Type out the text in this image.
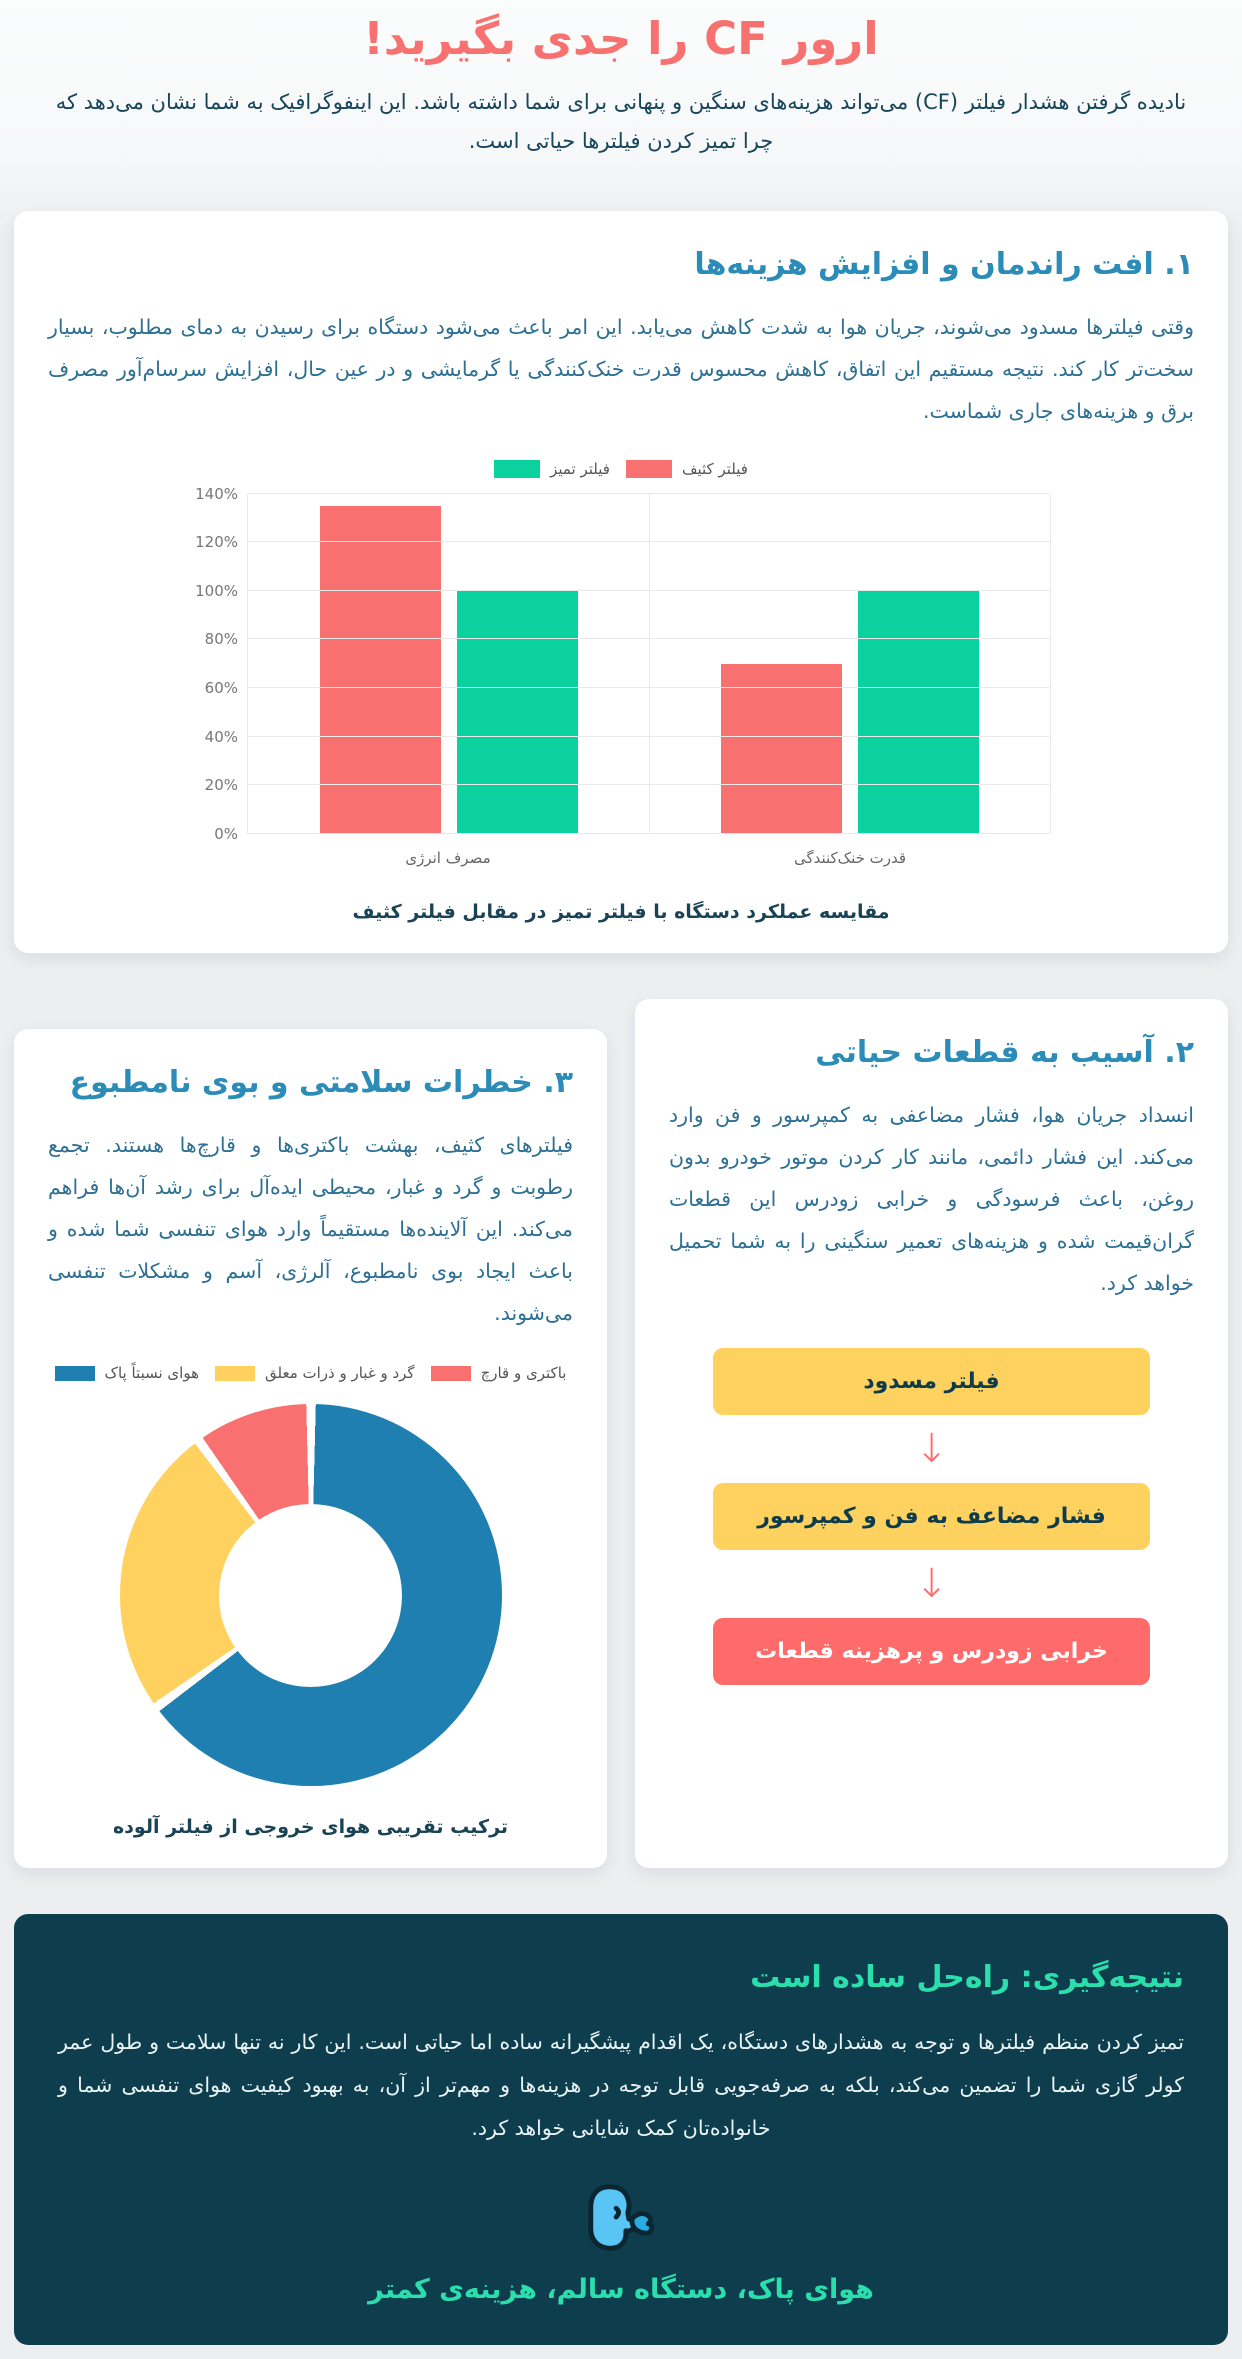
ارور CF را جدی بگیرید!

نادیده گرفتن هشدار فیلتر (CF) می‌تواند هزینه‌های سنگین و پنهانی برای شما داشته باشد. این اینفوگرافیک به شما نشان می‌دهد که چرا تمیز کردن فیلترها حیاتی است.

۱. افت راندمان و افزایش هزینه‌ها

وقتی فیلترها مسدود می‌شوند، جریان هوا به شدت کاهش می‌یابد. این امر باعث می‌شود دستگاه برای رسیدن به دمای مطلوب، بسیار سخت‌تر کار کند. نتیجه مستقیم این اتفاق، کاهش محسوس قدرت خنک‌کنندگی یا گرمایشی و در عین حال، افزایش سرسام‌آور مصرف برق و هزینه‌های جاری شماست.

فیلتر تمیز	فیلتر کثیف
0%
20%
40%
60%
80%
100%
120%
140%
قدرت خنک‌کنندگی
مصرف انرژی
مقایسه عملکرد دستگاه با فیلتر تمیز در مقابل فیلتر کثیف
۲. آسیب به قطعات حیاتی

انسداد جریان هوا، فشار مضاعفی به کمپرسور و فن وارد می‌کند. این فشار دائمی، مانند کار کردن موتور خودرو بدون روغن، باعث فرسودگی و خرابی زودرس این قطعات گران‌قیمت شده و هزینه‌های تعمیر سنگینی را به شما تحمیل خواهد کرد.

فیلتر مسدود
↓
فشار مضاعف به فن و کمپرسور
↓
خرابی زودرس و پرهزینه قطعات
۳. خطرات سلامتی و بوی نامطبوع

فیلترهای کثیف، بهشت باکتری‌ها و قارچ‌ها هستند. تجمع رطوبت و گرد و غبار، محیطی ایده‌آل برای رشد آن‌ها فراهم می‌کند. این آلاینده‌ها مستقیماً وارد هوای تنفسی شما شده و باعث ایجاد بوی نامطبوع، آلرژی، آسم و مشکلات تنفسی می‌شوند.

هوای نسبتاً پاک	گرد و غبار و ذرات معلق	باکتری و قارچ
ترکیب تقریبی هوای خروجی از فیلتر آلوده
نتیجه‌گیری: راه‌حل ساده است

تمیز کردن منظم فیلترها و توجه به هشدارهای دستگاه، یک اقدام پیشگیرانه ساده اما حیاتی است. این کار نه تنها سلامت و طول عمر کولر گازی شما را تضمین می‌کند، بلکه به صرفه‌جویی قابل توجه در هزینه‌ها و مهم‌تر از آن، به بهبود کیفیت هوای تنفسی شما و خانواده‌تان کمک شایانی خواهد کرد.

هوای پاک، دستگاه سالم، هزینه‌ی کمتر
